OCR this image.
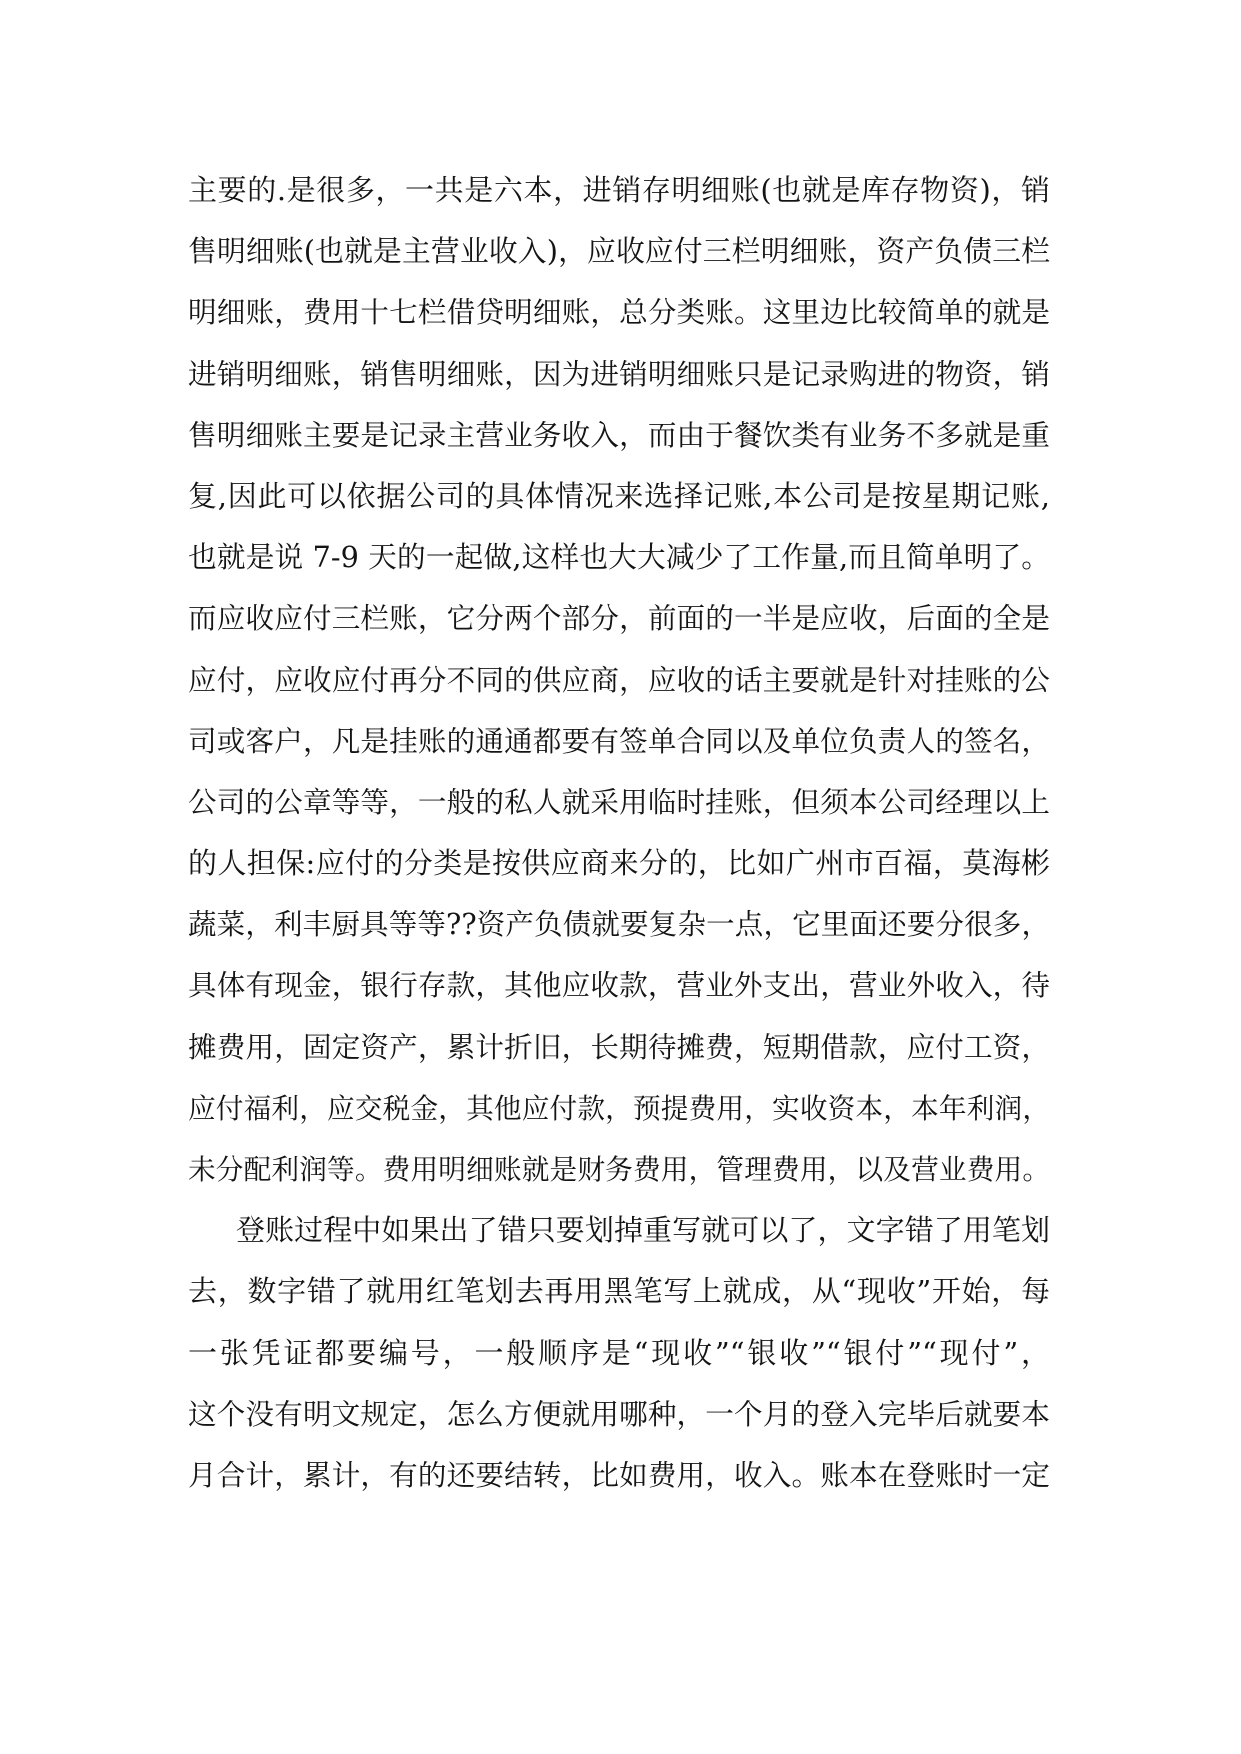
主要的.是很多，一共是六本，进销存明细账(也就是库存物资)，销
售明细账(也就是主营业收入)，应收应付三栏明细账，资产负债三栏
明细账，费用十七栏借贷明细账，总分类账。这里边比较简单的就是
进销明细账，销售明细账，因为进销明细账只是记录购进的物资，销
售明细账主要是记录主营业务收入，而由于餐饮类有业务不多就是重
复,因此可以依据公司的具体情况来选择记账,本公司是按星期记账,
也就是说 7-9 天的一起做,这样也大大减少了工作量,而且简单明了。
而应收应付三栏账，它分两个部分，前面的一半是应收，后面的全是
应付，应收应付再分不同的供应商，应收的话主要就是针对挂账的公
司或客户，凡是挂账的通通都要有签单合同以及单位负责人的签名，
公司的公章等等，一般的私人就采用临时挂账，但须本公司经理以上
的人担保:应付的分类是按供应商来分的，比如广州市百福，莫海彬
蔬菜，利丰厨具等等??资产负债就要复杂一点，它里面还要分很多，
具体有现金，银行存款，其他应收款，营业外支出，营业外收入，待
摊费用，固定资产，累计折旧，长期待摊费，短期借款，应付工资，
应付福利，应交税金，其他应付款，预提费用，实收资本，本年利润，
未分配利润等。费用明细账就是财务费用，管理费用，以及营业费用。
登账过程中如果出了错只要划掉重写就可以了，文字错了用笔划
去，数字错了就用红笔划去再用黑笔写上就成，从“现收”开始，每
一张凭证都要编号，一般顺序是“现收”“银收”“银付”“现付”，
这个没有明文规定，怎么方便就用哪种，一个月的登入完毕后就要本
月合计，累计，有的还要结转，比如费用，收入。账本在登账时一定
